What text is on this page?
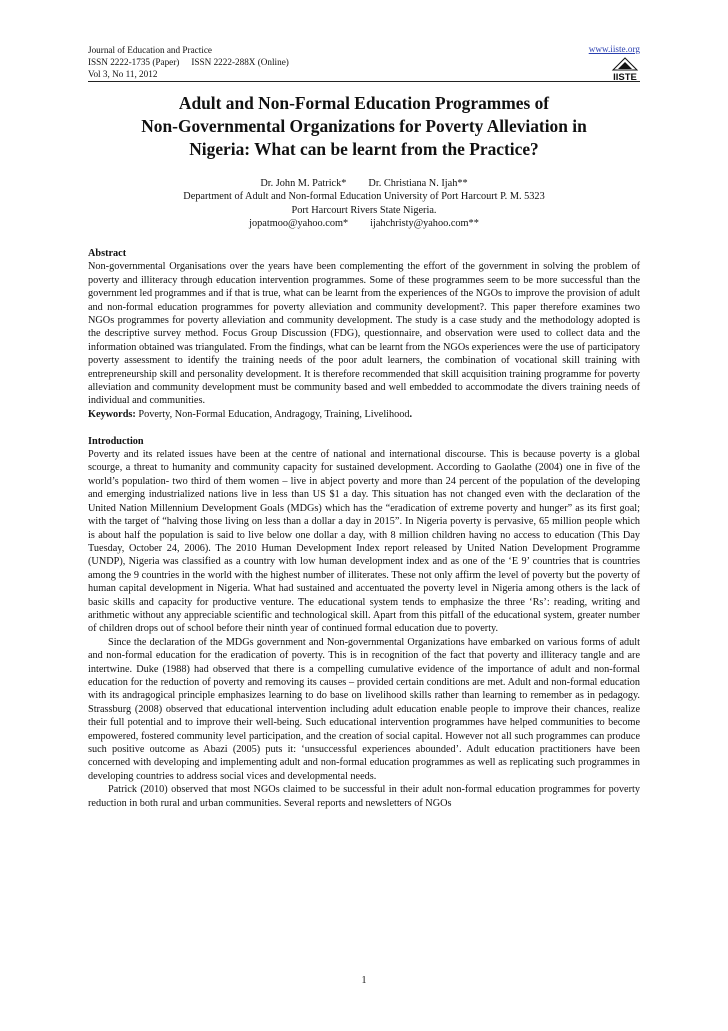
Journal of Education and Practice
ISSN 2222-1735 (Paper) ISSN 2222-288X (Online)
Vol 3, No 11, 2012
www.iiste.org
IISTE
Adult and Non-Formal Education Programmes of
Non-Governmental Organizations for Poverty Alleviation in
Nigeria: What can be learnt from the Practice?
Dr. John M. Patrick* Dr. Christiana N. Ijah**
Department of Adult and Non-formal Education University of Port Harcourt P. M. 5323
Port Harcourt Rivers State Nigeria.
jopatmoo@yahoo.com* ijahchristy@yahoo.com**
Abstract

Non-governmental Organisations over the years have been complementing the effort of the government in solving the problem of poverty and illiteracy through education intervention programmes. Some of these programmes seem to be more successful than the government led programmes and if that is true, what can be learnt from the experiences of the NGOs to improve the provision of adult and non-formal education programmes for poverty alleviation and community development?. This paper therefore examines two NGOs programmes for poverty alleviation and community development. The study is a case study and the methodology adopted is the descriptive survey method. Focus Group Discussion (FDG), questionnaire, and observation were used to collect data and the information obtained was triangulated. From the findings, what can be learnt from the NGOs experiences were the use of participatory poverty assessment to identify the training needs of the poor adult learners, the combination of vocational skill training with entrepreneurship skill and personality development. It is therefore recommended that skill acquisition training programme for poverty alleviation and community development must be community based and well embedded to accommodate the divers training needs of individual and communities.

Keywords: Poverty, Non-Formal Education, Andragogy, Training, Livelihood.

Introduction

Poverty and its related issues have been at the centre of national and international discourse. This is because poverty is a global scourge, a threat to humanity and community capacity for sustained development. According to Gaolathe (2004) one in five of the world’s population- two third of them women – live in abject poverty and more than 24 percent of the population of the developing and emerging industrialized nations live in less than US $1 a day. This situation has not changed even with the declaration of the United Nation Millennium Development Goals (MDGs) which has the “eradication of extreme poverty and hunger” as its first goal; with the target of “halving those living on less than a dollar a day in 2015”. In Nigeria poverty is pervasive, 65 million people which is about half the population is said to live below one dollar a day, with 8 million children having no access to education (This Day Tuesday, October 24, 2006). The 2010 Human Development Index report released by United Nation Development Programme (UNDP), Nigeria was classified as a country with low human development index and as one of the ‘E 9’ countries that is countries among the 9 countries in the world with the highest number of illiterates. These not only affirm the level of poverty but the poverty of human capital development in Nigeria. What had sustained and accentuated the poverty level in Nigeria among others is the lack of basic skills and capacity for productive venture. The educational system tends to emphasize the three ‘Rs’: reading, writing and arithmetic without any appreciable scientific and technological skill. Apart from this pitfall of the educational system, greater number of children drops out of school before their ninth year of continued formal education due to poverty.

Since the declaration of the MDGs government and Non-governmental Organizations have embarked on various forms of adult and non-formal education for the eradication of poverty. This is in recognition of the fact that poverty and illiteracy tangle and are intertwine. Duke (1988) had observed that there is a compelling cumulative evidence of the importance of adult and non-formal education for the reduction of poverty and removing its causes – provided certain conditions are met. Adult and non-formal education with its andragogical principle emphasizes learning to do base on livelihood skills rather than learning to remember as in pedagogy. Strassburg (2008) observed that educational intervention including adult education enable people to improve their chances, realize their full potential and to improve their well-being. Such educational intervention programmes have helped communities to become empowered, fostered community level participation, and the creation of social capital. However not all such programmes can produce such positive outcome as Abazi (2005) puts it: ‘unsuccessful experiences abounded’. Adult education practitioners have been concerned with developing and implementing adult and non-formal education programmes as well as replicating such programmes in developing countries to address social vices and developmental needs.

Patrick (2010) observed that most NGOs claimed to be successful in their adult non-formal education programmes for poverty reduction in both rural and urban communities. Several reports and newsletters of NGOs

1
